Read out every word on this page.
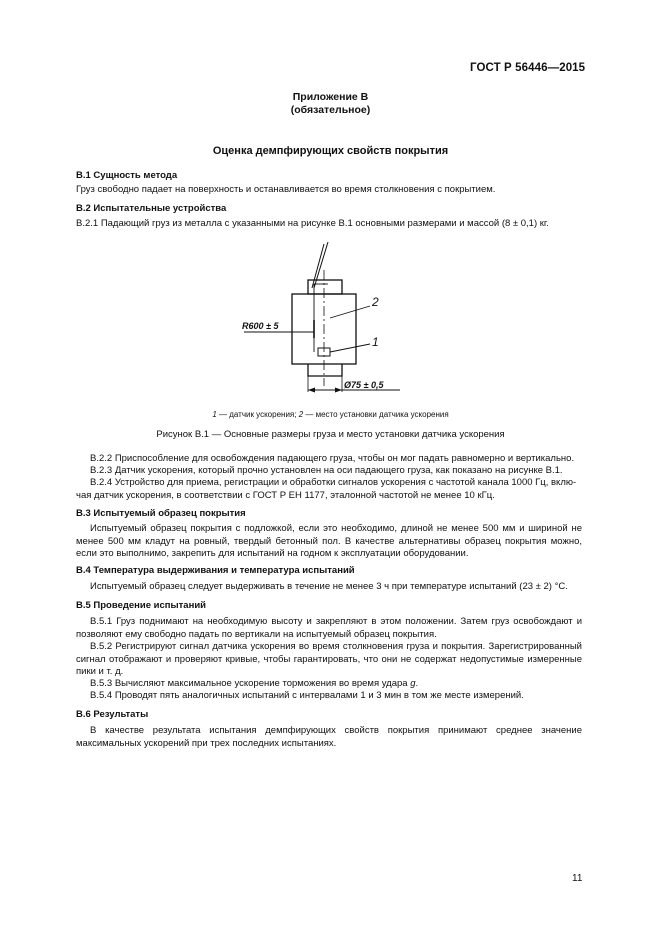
ГОСТ Р 56446—2015
Приложение В
(обязательное)
Оценка демпфирующих свойств покрытия
В.1 Сущность метода
Груз свободно падает на поверхность и останавливается во время столкновения с покрытием.
В.2 Испытательные устройства
В.2.1 Падающий груз из металла с указанными на рисунке В.1 основными размерами и массой (8 ± 0,1) кг.
R600 ± 5
2
1
Ø75 ± 0,5
1 — датчик ускорения; 2 — место установки датчика ускорения
Рисунок В.1 — Основные размеры груза и место установки датчика ускорения
В.2.2 Приспособление для освобождения падающего груза, чтобы он мог падать равномерно и вертикально.
В.2.3 Датчик ускорения, который прочно установлен на оси падающего груза, как показано на рисунке В.1.
В.2.4 Устройство для приема, регистрации и обработки сигналов ускорения с частотой канала 1000 Гц, вклю-
чая датчик ускорения, в соответствии с ГОСТ Р ЕН 1177, эталонной частотой не менее 10 кГц.
В.3 Испытуемый образец покрытия
Испытуемый образец покрытия с подложкой, если это необходимо, длиной не менее 500 мм и шириной не менее 500 мм кладут на ровный, твердый бетонный пол. В качестве альтернативы образец покрытия можно, если это выполнимо, закрепить для испытаний на годном к эксплуатации оборудовании.
В.4 Температура выдерживания и температура испытаний
Испытуемый образец следует выдерживать в течение не менее 3 ч при температуре испытаний (23 ± 2) °С.
В.5 Проведение испытаний
В.5.1 Груз поднимают на необходимую высоту и закрепляют в этом положении. Затем груз освобождают и позволяют ему свободно падать по вертикали на испытуемый образец покрытия.
В.5.2 Регистрируют сигнал датчика ускорения во время столкновения груза и покрытия. Зарегистрированный сигнал отображают и проверяют кривые, чтобы гарантировать, что они не содержат недопустимые измеренные пики и т. д.
В.5.3 Вычисляют максимальное ускорение торможения во время удара g.
В.5.4 Проводят пять аналогичных испытаний с интервалами 1 и 3 мин в том же месте измерений.
В.6 Результаты
В качестве результата испытания демпфирующих свойств покрытия принимают среднее значение максимальных ускорений при трех последних испытаниях.
11
